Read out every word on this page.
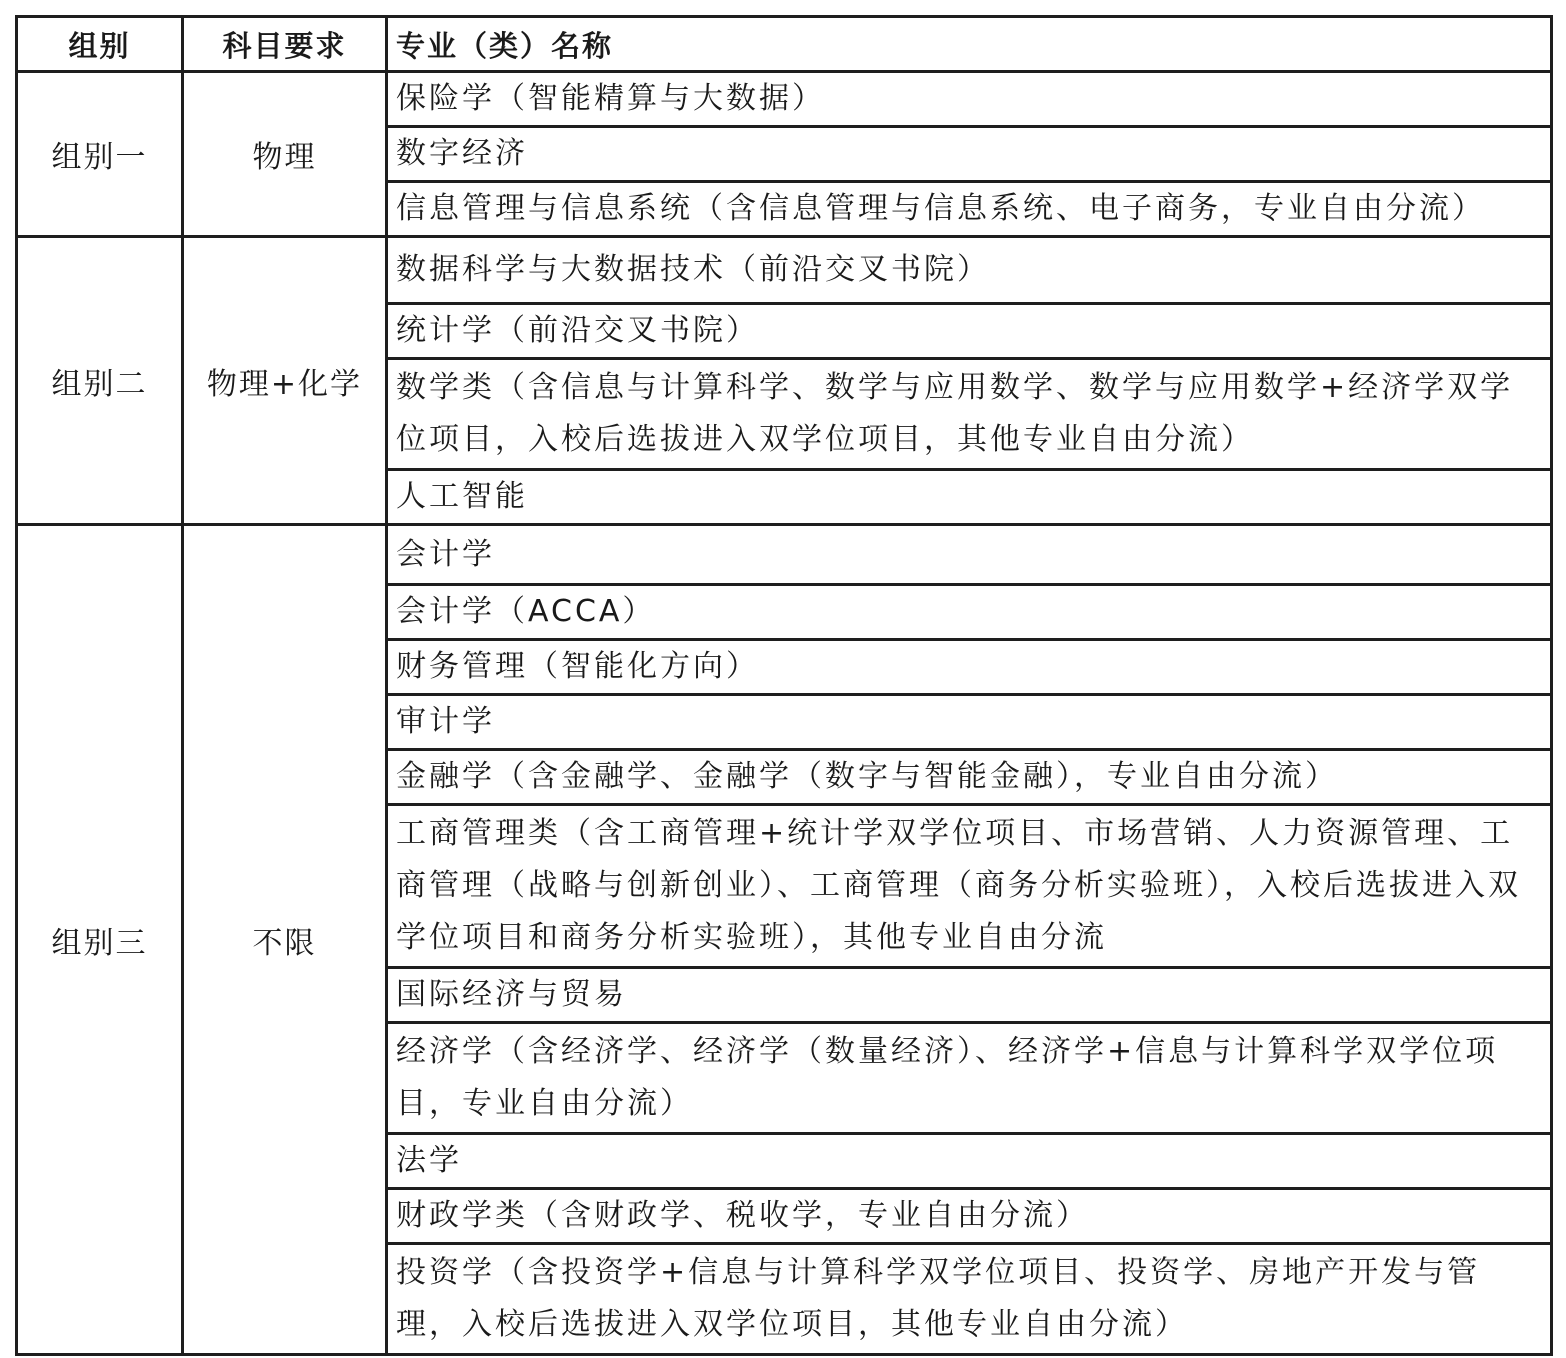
组别	科目要求	专业（类）名称
组别一	物理	保险学（智能精算与大数据）
		数字经济
		信息管理与信息系统（含信息管理与信息系统、电子商务，专业自由分流）
组别二	物理+化学	数据科学与大数据技术（前沿交叉书院）
		统计学（前沿交叉书院）
		数学类（含信息与计算科学、数学与应用数学、数学与应用数学+经济学双学位项目，入校后选拔进入双学位项目，其他专业自由分流）
		人工智能
组别三	不限	会计学
		会计学（ACCA）
		财务管理（智能化方向）
		审计学
		金融学（含金融学、金融学（数字与智能金融），专业自由分流）
		工商管理类（含工商管理+统计学双学位项目、市场营销、人力资源管理、工商管理（战略与创新创业）、工商管理（商务分析实验班），入校后选拔进入双学位项目和商务分析实验班），其他专业自由分流
		国际经济与贸易
		经济学（含经济学、经济学（数量经济）、经济学+信息与计算科学双学位项目，专业自由分流）
		法学
		财政学类（含财政学、税收学，专业自由分流）
		投资学（含投资学+信息与计算科学双学位项目、投资学、房地产开发与管理，入校后选拔进入双学位项目，其他专业自由分流）
